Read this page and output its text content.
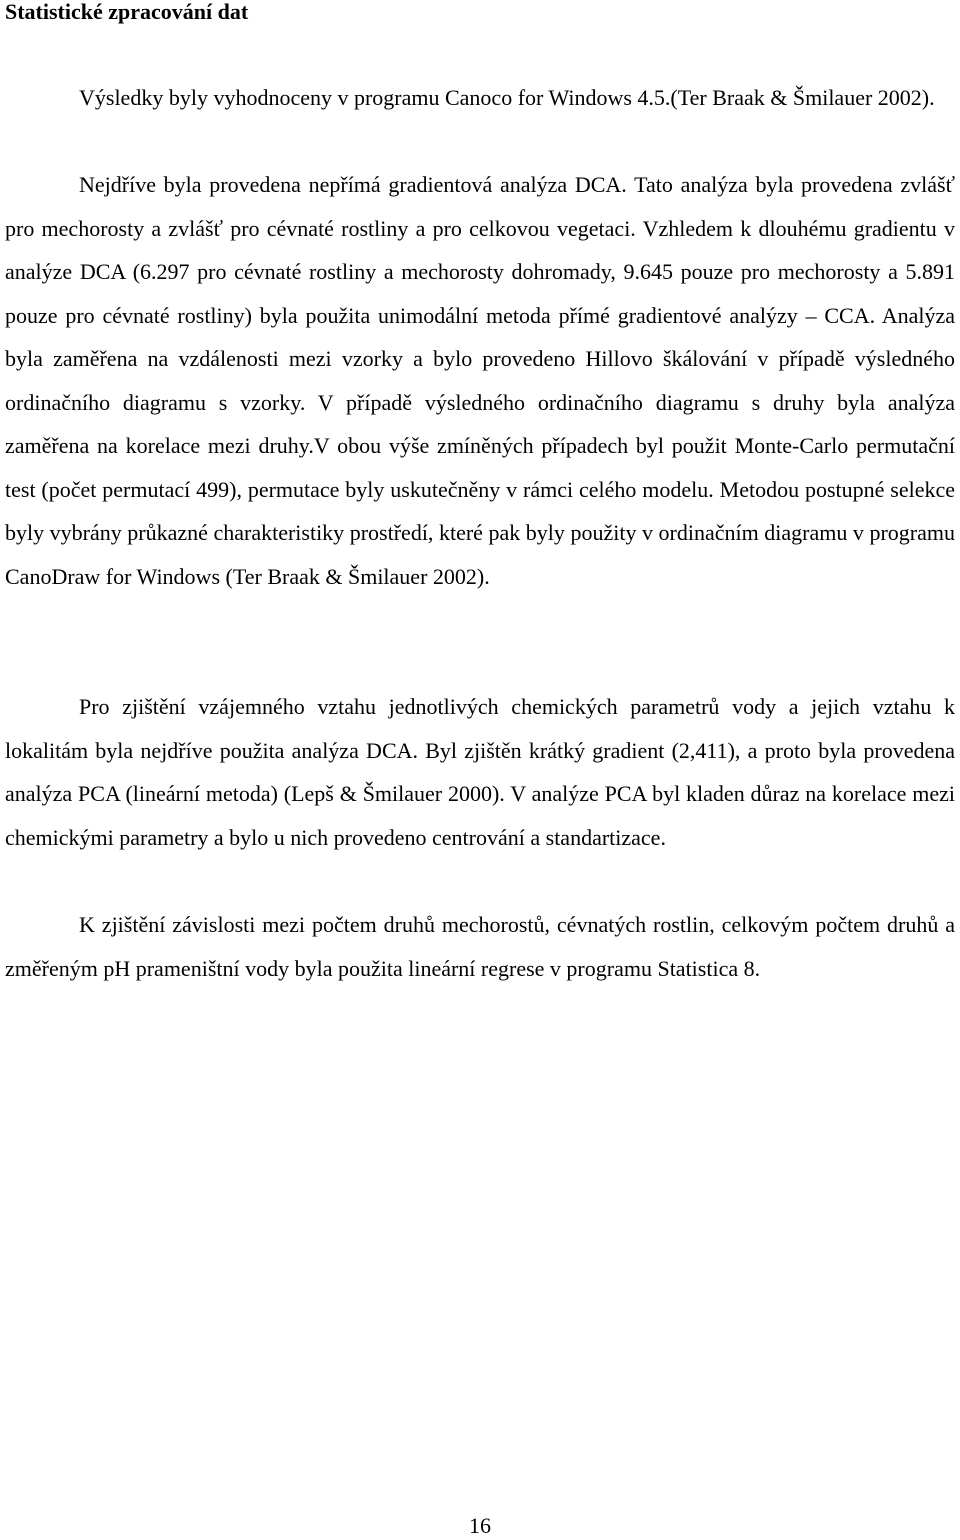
Statistické zpracování dat

Výsledky byly vyhodnoceny v programu Canoco for Windows 4.5.(Ter Braak & Šmilauer 2002).

Nejdříve byla provedena nepřímá gradientová analýza DCA. Tato analýza byla provedena zvlášť pro mechorosty a zvlášť pro cévnaté rostliny a pro celkovou vegetaci. Vzhledem k dlouhému gradientu v analýze DCA (6.297 pro cévnaté rostliny a mechorosty dohromady, 9.645 pouze pro mechorosty a 5.891 pouze pro cévnaté rostliny) byla použita unimodální metoda přímé gradientové analýzy – CCA. Analýza byla zaměřena na vzdálenosti mezi vzorky a bylo provedeno Hillovo škálování v případě výsledného ordinačního diagramu s vzorky. V případě výsledného ordinačního diagramu s druhy byla analýza zaměřena na korelace mezi druhy.V obou výše zmíněných případech byl použit Monte-Carlo permutační test (počet permutací 499), permutace byly uskutečněny v rámci celého modelu. Metodou postupné selekce byly vybrány průkazné charakteristiky prostředí, které pak byly použity v ordinačním diagramu v programu CanoDraw for Windows (Ter Braak & Šmilauer 2002).

Pro zjištění vzájemného vztahu jednotlivých chemických parametrů vody a jejich vztahu k lokalitám byla nejdříve použita analýza DCA. Byl zjištěn krátký gradient (2,411), a proto byla provedena analýza PCA (lineární metoda) (Lepš & Šmilauer 2000). V analýze PCA byl kladen důraz na korelace mezi chemickými parametry a bylo u nich provedeno centrování a standartizace.

K zjištění závislosti mezi počtem druhů mechorostů, cévnatých rostlin, celkovým počtem druhů a změřeným pH prameništní vody byla použita lineární regrese v programu Statistica 8.

16
